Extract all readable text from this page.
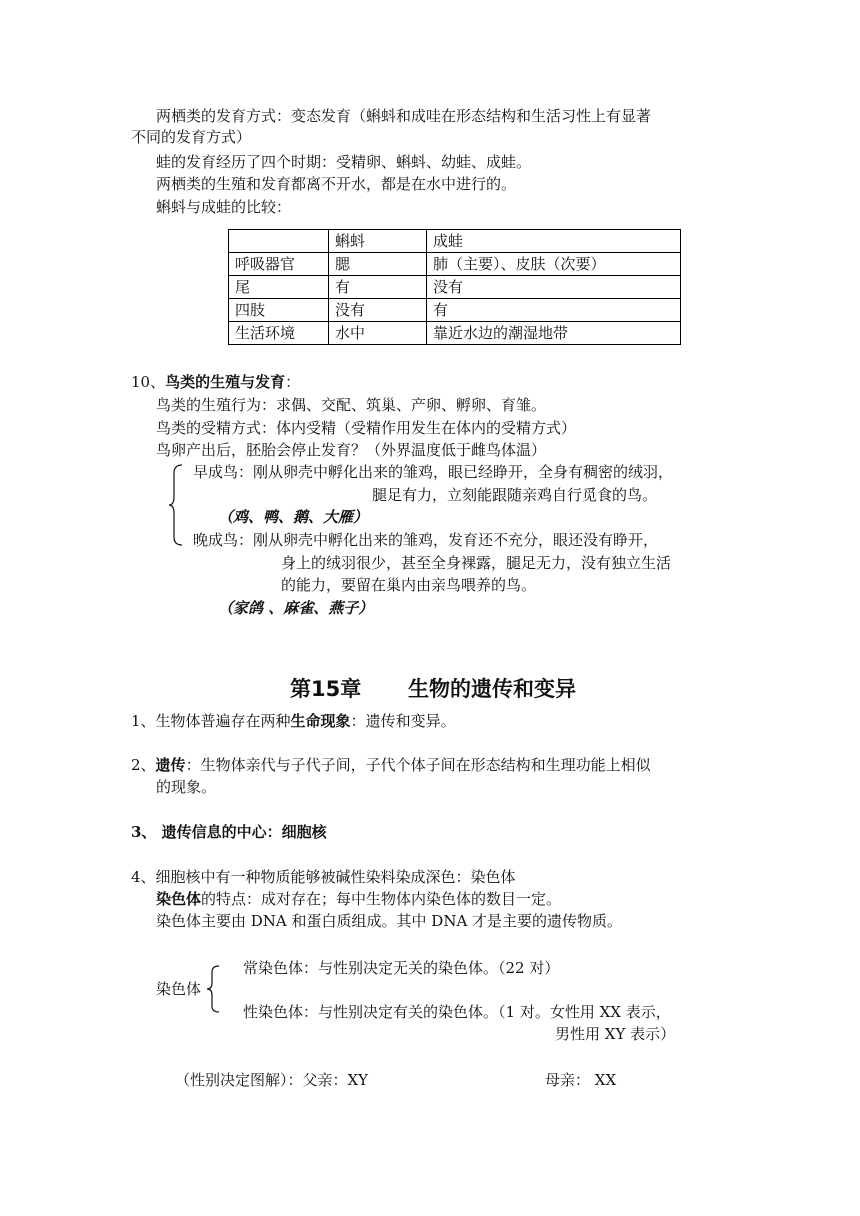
两栖类的发育方式：变态发育（蝌蚪和成哇在形态结构和生活习性上有显著
不同的发育方式）
蛙的发育经历了四个时期：受精卵、蝌蚪、幼蛙、成蛙。
两栖类的生殖和发育都离不开水，都是在水中进行的。
蝌蚪与成蛙的比较：
	蝌蚪	成蛙
呼吸器官	腮	肺（主要）、皮肤（次要）
尾	有	没有
四肢	没有	有
生活环境	水中	靠近水边的潮湿地带
10、鸟类的生殖与发育：
鸟类的生殖行为：求偶、交配、筑巢、产卵、孵卵、育雏。
鸟类的受精方式：体内受精（受精作用发生在体内的受精方式）
鸟卵产出后，胚胎会停止发育？（外界温度低于雌鸟体温）
早成鸟：刚从卵壳中孵化出来的雏鸡，眼已经睁开，全身有稠密的绒羽，
腿足有力，立刻能跟随亲鸡自行觅食的鸟。
（鸡、鸭、鹅、大雁）
晚成鸟：刚从卵壳中孵化出来的雏鸡，发育还不充分，眼还没有睁开，
身上的绒羽很少，甚至全身裸露，腿足无力，没有独立生活
的能力，要留在巢内由亲鸟喂养的鸟。
（家鸽 、麻雀、燕子）
第15章 生物的遗传和变异
1、生物体普遍存在两种生命现象：遗传和变异。
2、遗传：生物体亲代与子代子间，子代个体子间在形态结构和生理功能上相似
的现象。
3、 遗传信息的中心：细胞核
4、细胞核中有一种物质能够被碱性染料染成深色：染色体
染色体的特点：成对存在；每中生物体内染色体的数目一定。
染色体主要由 DNA 和蛋白质组成。其中 DNA 才是主要的遗传物质。
染色体
常染色体：与性别决定无关的染色体。（22 对）
性染色体：与性别决定有关的染色体。（1 对。女性用 XX 表示，
男性用 XY 表示）
（性别决定图解）：父亲：XY	母亲： XX
